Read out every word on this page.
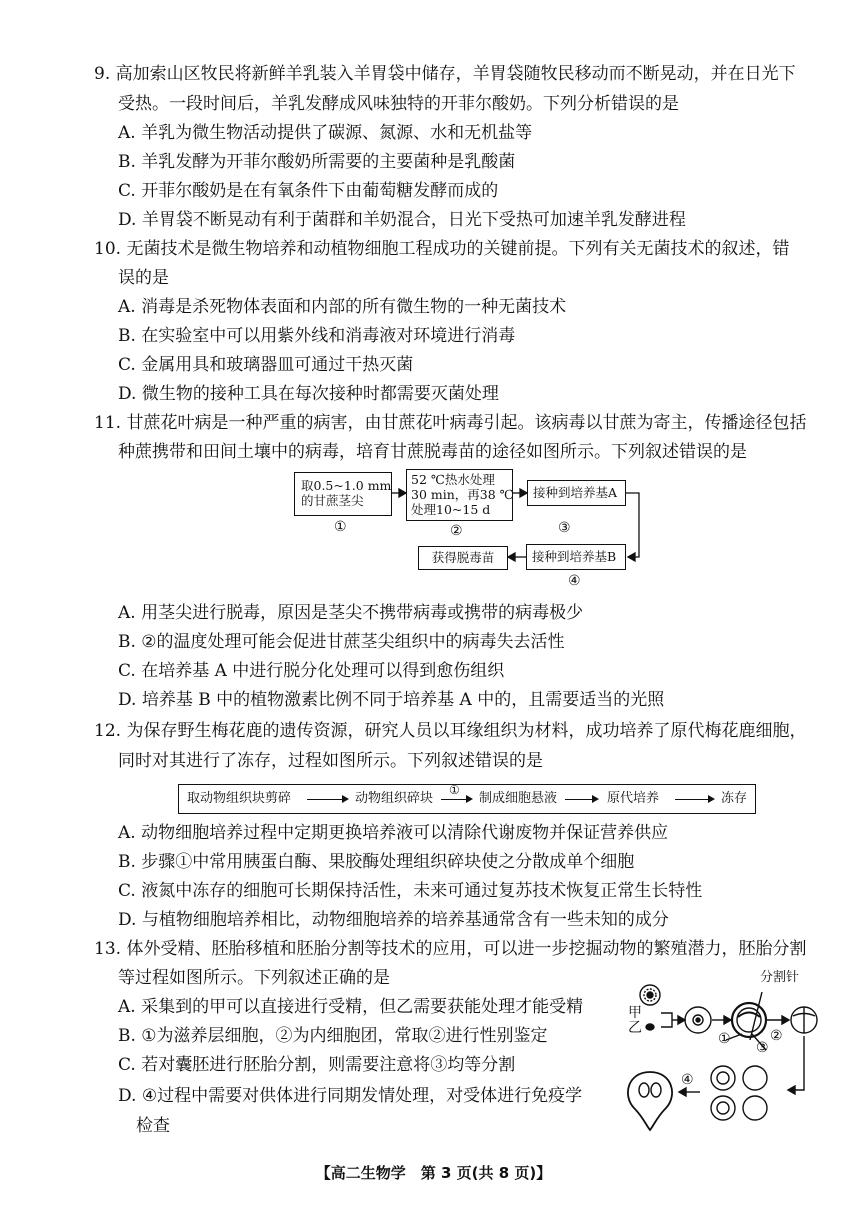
9. 高加索山区牧民将新鲜羊乳装入羊胃袋中储存，羊胃袋随牧民移动而不断晃动，并在日光下
受热。一段时间后，羊乳发酵成风味独特的开菲尔酸奶。下列分析错误的是
A. 羊乳为微生物活动提供了碳源、氮源、水和无机盐等
B. 羊乳发酵为开菲尔酸奶所需要的主要菌种是乳酸菌
C. 开菲尔酸奶是在有氧条件下由葡萄糖发酵而成的
D. 羊胃袋不断晃动有利于菌群和羊奶混合，日光下受热可加速羊乳发酵进程
10. 无菌技术是微生物培养和动植物细胞工程成功的关键前提。下列有关无菌技术的叙述，错
误的是
A. 消毒是杀死物体表面和内部的所有微生物的一种无菌技术
B. 在实验室中可以用紫外线和消毒液对环境进行消毒
C. 金属用具和玻璃器皿可通过干热灭菌
D. 微生物的接种工具在每次接种时都需要灭菌处理
11. 甘蔗花叶病是一种严重的病害，由甘蔗花叶病毒引起。该病毒以甘蔗为寄主，传播途径包括
种蔗携带和田间土壤中的病毒，培育甘蔗脱毒苗的途径如图所示。下列叙述错误的是
取0.5~1.0 mm
的甘蔗茎尖
52 ℃热水处理
30 min，再38 ℃
处理10~15 d
接种到培养基A
接种到培养基B
获得脱毒苗
①	②	③
④
A. 用茎尖进行脱毒，原因是茎尖不携带病毒或携带的病毒极少
B. ②的温度处理可能会促进甘蔗茎尖组织中的病毒失去活性
C. 在培养基 A 中进行脱分化处理可以得到愈伤组织
D. 培养基 B 中的植物激素比例不同于培养基 A 中的，且需要适当的光照
12. 为保存野生梅花鹿的遗传资源，研究人员以耳缘组织为材料，成功培养了原代梅花鹿细胞，
同时对其进行了冻存，过程如图所示。下列叙述错误的是
取动物组织块剪碎	动物组织碎块
①
制成细胞悬液	原代培养	冻存
A. 动物细胞培养过程中定期更换培养液可以清除代谢废物并保证营养供应
B. 步骤①中常用胰蛋白酶、果胶酶处理组织碎块使之分散成单个细胞
C. 液氮中冻存的细胞可长期保持活性，未来可通过复苏技术恢复正常生长特性
D. 与植物细胞培养相比，动物细胞培养的培养基通常含有一些未知的成分
13. 体外受精、胚胎移植和胚胎分割等技术的应用，可以进一步挖掘动物的繁殖潜力，胚胎分割
等过程如图所示。下列叙述正确的是
A. 采集到的甲可以直接进行受精，但乙需要获能处理才能受精
B. ①为滋养层细胞，②为内细胞团，常取②进行性别鉴定
C. 若对囊胚进行胚胎分割，则需要注意将③均等分割
D. ④过程中需要对供体进行同期发情处理，对受体进行免疫学
检查
分割针
甲
乙
①	②
③
④
【高二生物学　第 3 页(共 8 页)】
